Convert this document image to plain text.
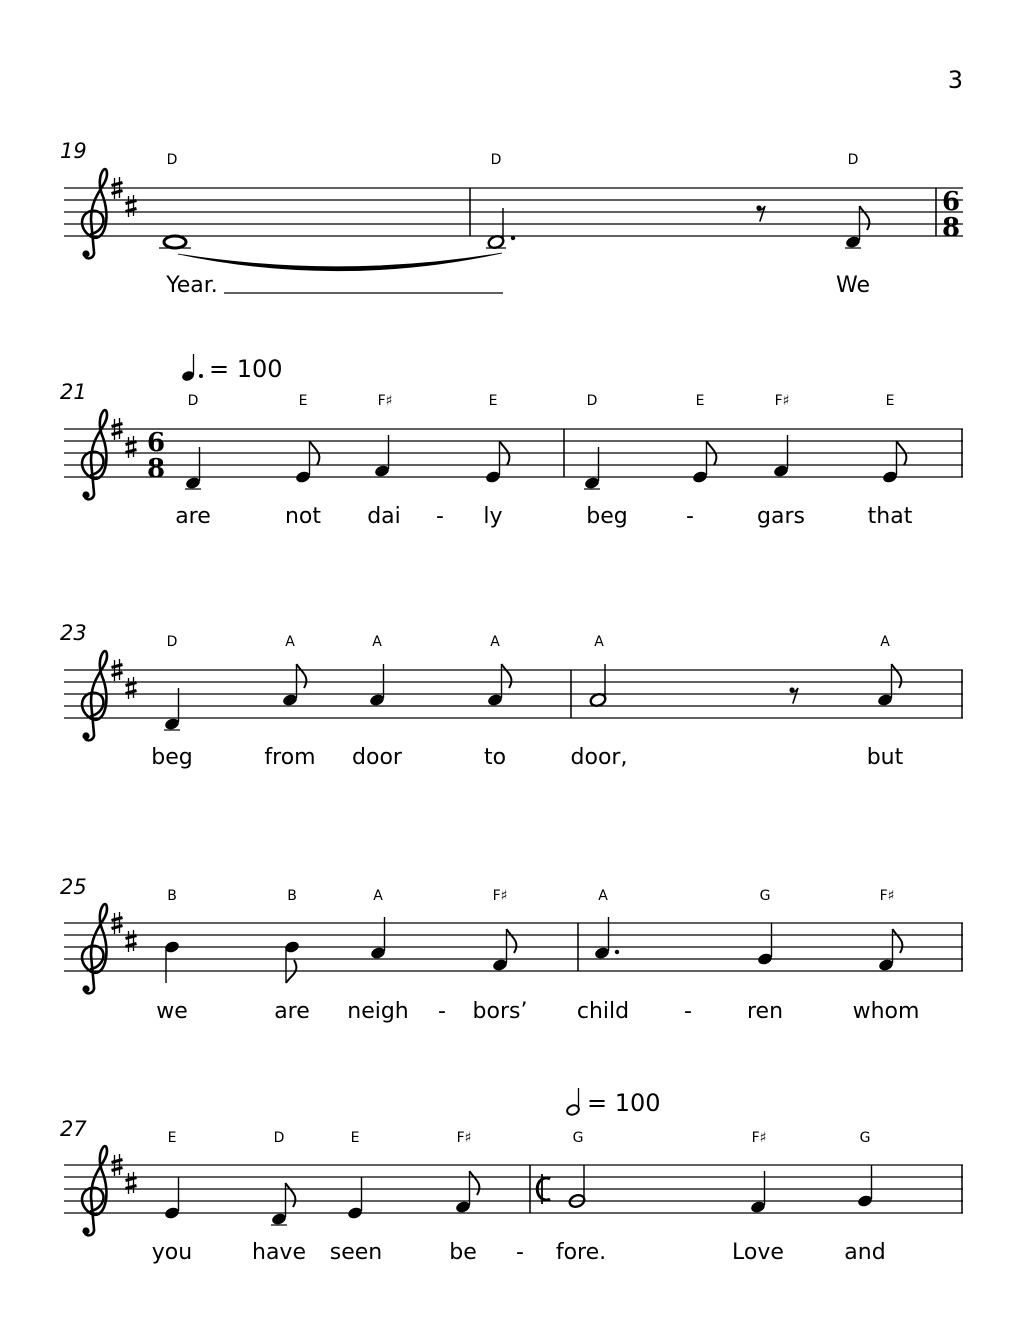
3
19
6
8
D	D	D
Year.	We
21
= 100
6
8
D	E	F♯	E	D	E	F♯	E
are	not dai - ly	beg	-	gars	that
23	D	A	A	A	A	A
beg	from door	to	door,	but
25	B	B	A	F♯	A	G	F♯
we	are neigh - bors’ child -	ren	whom
27
= 100
E	D	E	F♯	G	F♯	G
you	have seen	be - fore.	Love	and
